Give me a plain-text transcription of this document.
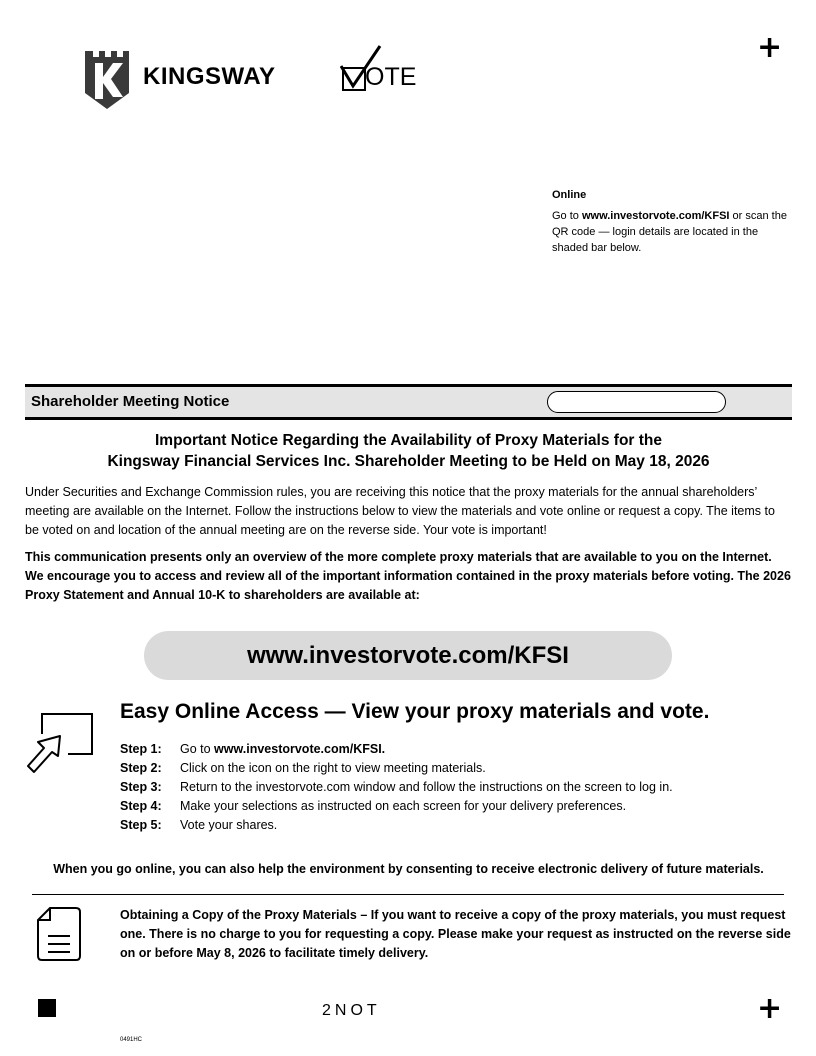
+
+
KINGSWAY	OTE
Online
Go to www.investorvote.com/KFSI or scan the QR code — login details are located in the shaded bar below.
Shareholder Meeting Notice
Important Notice Regarding the Availability of Proxy Materials for the
Kingsway Financial Services Inc. Shareholder Meeting to be Held on May 18, 2026
Under Securities and Exchange Commission rules, you are receiving this notice that the proxy materials for the annual shareholders’ meeting are available on the Internet. Follow the instructions below to view the materials and vote online or request a copy. The items to be voted on and location of the annual meeting are on the reverse side. Your vote is important!
This communication presents only an overview of the more complete proxy materials that are available to you on the Internet. We encourage you to access and review all of the important information contained in the proxy materials before voting. The 2026 Proxy Statement and Annual 10-K to shareholders are available at:
www.investorvote.com/KFSI
Easy Online Access — View your proxy materials and vote.
Step 1:	Go to www.investorvote.com/KFSI.
Step 2:	Click on the icon on the right to view meeting materials.
Step 3:	Return to the investorvote.com window and follow the instructions on the screen to log in.
Step 4:	Make your selections as instructed on each screen for your delivery preferences.
Step 5:	Vote your shares.
When you go online, you can also help the environment by consenting to receive electronic delivery of future materials.
Obtaining a Copy of the Proxy Materials – If you want to receive a copy of the proxy materials, you must request one. There is no charge to you for requesting a copy. Please make your request as instructed on the reverse side on or before May 8, 2026 to facilitate timely delivery.
2NOT
0491HC
